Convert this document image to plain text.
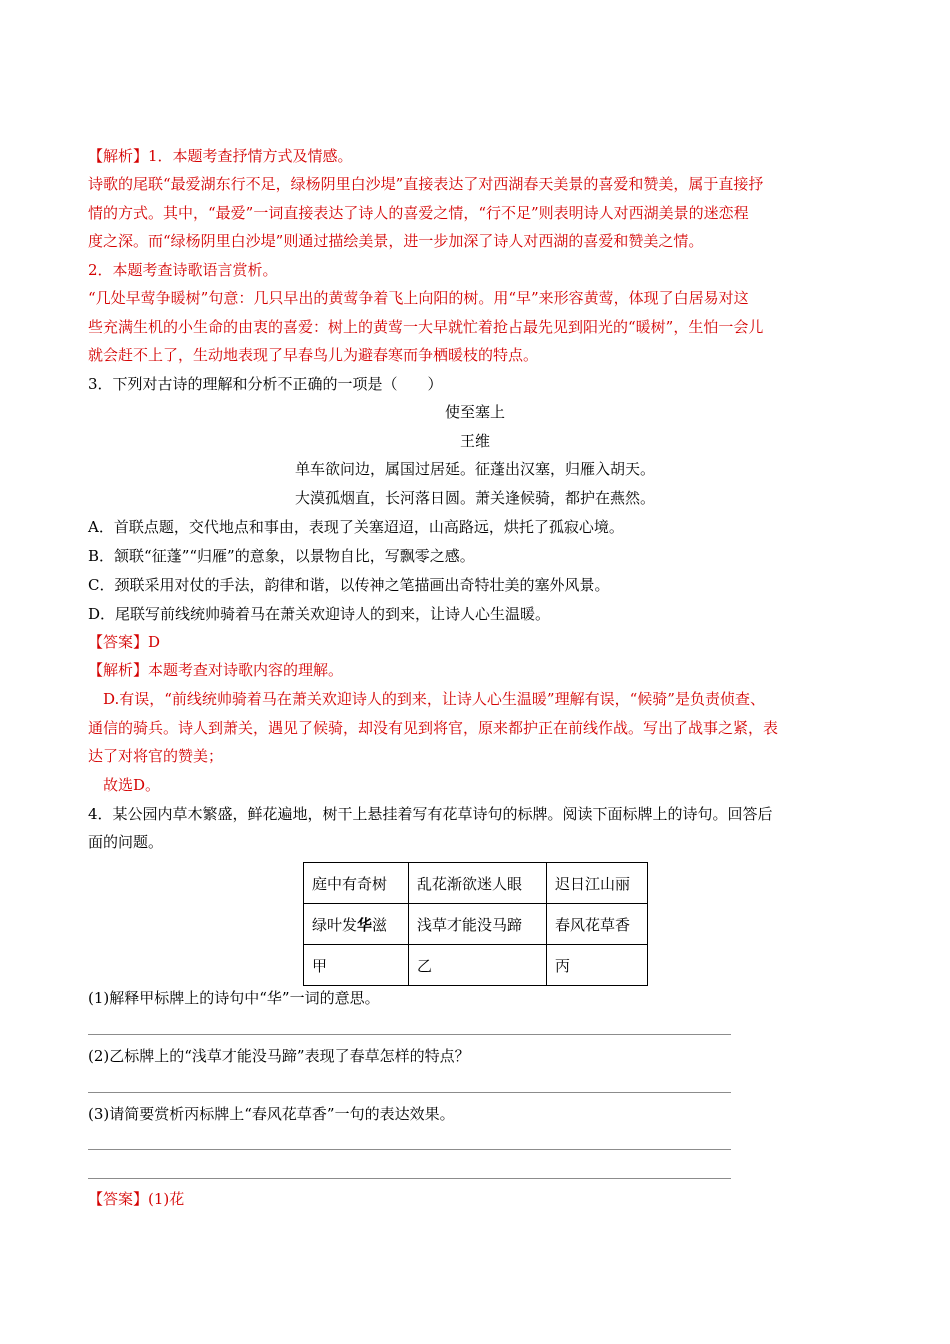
【解析】1．本题考查抒情方式及情感。
诗歌的尾联“最爱湖东行不足，绿杨阴里白沙堤”直接表达了对西湖春天美景的喜爱和赞美，属于直接抒
情的方式。其中，“最爱”一词直接表达了诗人的喜爱之情，“行不足”则表明诗人对西湖美景的迷恋程
度之深。而“绿杨阴里白沙堤”则通过描绘美景，进一步加深了诗人对西湖的喜爱和赞美之情。
2．本题考查诗歌语言赏析。
“几处早莺争暖树”句意：几只早出的黄莺争着飞上向阳的树。用“早”来形容黄莺，体现了白居易对这
些充满生机的小生命的由衷的喜爱：树上的黄莺一大早就忙着抢占最先见到阳光的“暖树”，生怕一会儿
就会赶不上了，生动地表现了早春鸟儿为避春寒而争栖暖枝的特点。
3．下列对古诗的理解和分析不正确的一项是（　　）
使至塞上
王维
单车欲问边，属国过居延。征蓬出汉塞，归雁入胡天。
大漠孤烟直，长河落日圆。萧关逢候骑，都护在燕然。
A．首联点题，交代地点和事由，表现了关塞迢迢，山高路远，烘托了孤寂心境。
B．颔联“征蓬”“归雁”的意象，以景物自比，写飘零之感。
C．颈联采用对仗的手法，韵律和谐，以传神之笔描画出奇特壮美的塞外风景。
D．尾联写前线统帅骑着马在萧关欢迎诗人的到来，让诗人心生温暖。
【答案】D
【解析】本题考查对诗歌内容的理解。
　D.有误，“前线统帅骑着马在萧关欢迎诗人的到来，让诗人心生温暖”理解有误，“候骑”是负责侦查、
通信的骑兵。诗人到萧关，遇见了候骑，却没有见到将官，原来都护正在前线作战。写出了战事之紧，表
达了对将官的赞美；
　故选D。
4．某公园内草木繁盛，鲜花遍地，树干上悬挂着写有花草诗句的标牌。阅读下面标牌上的诗句。回答后
面的问题。
庭中有奇树	乱花渐欲迷人眼	迟日江山丽
绿叶发华滋	浅草才能没马蹄	春风花草香
甲	乙	丙
(1)解释甲标牌上的诗句中“华”一词的意思。
(2)乙标牌上的“浅草才能没马蹄”表现了春草怎样的特点？
(3)请简要赏析丙标牌上“春风花草香”一句的表达效果。
【答案】(1)花
